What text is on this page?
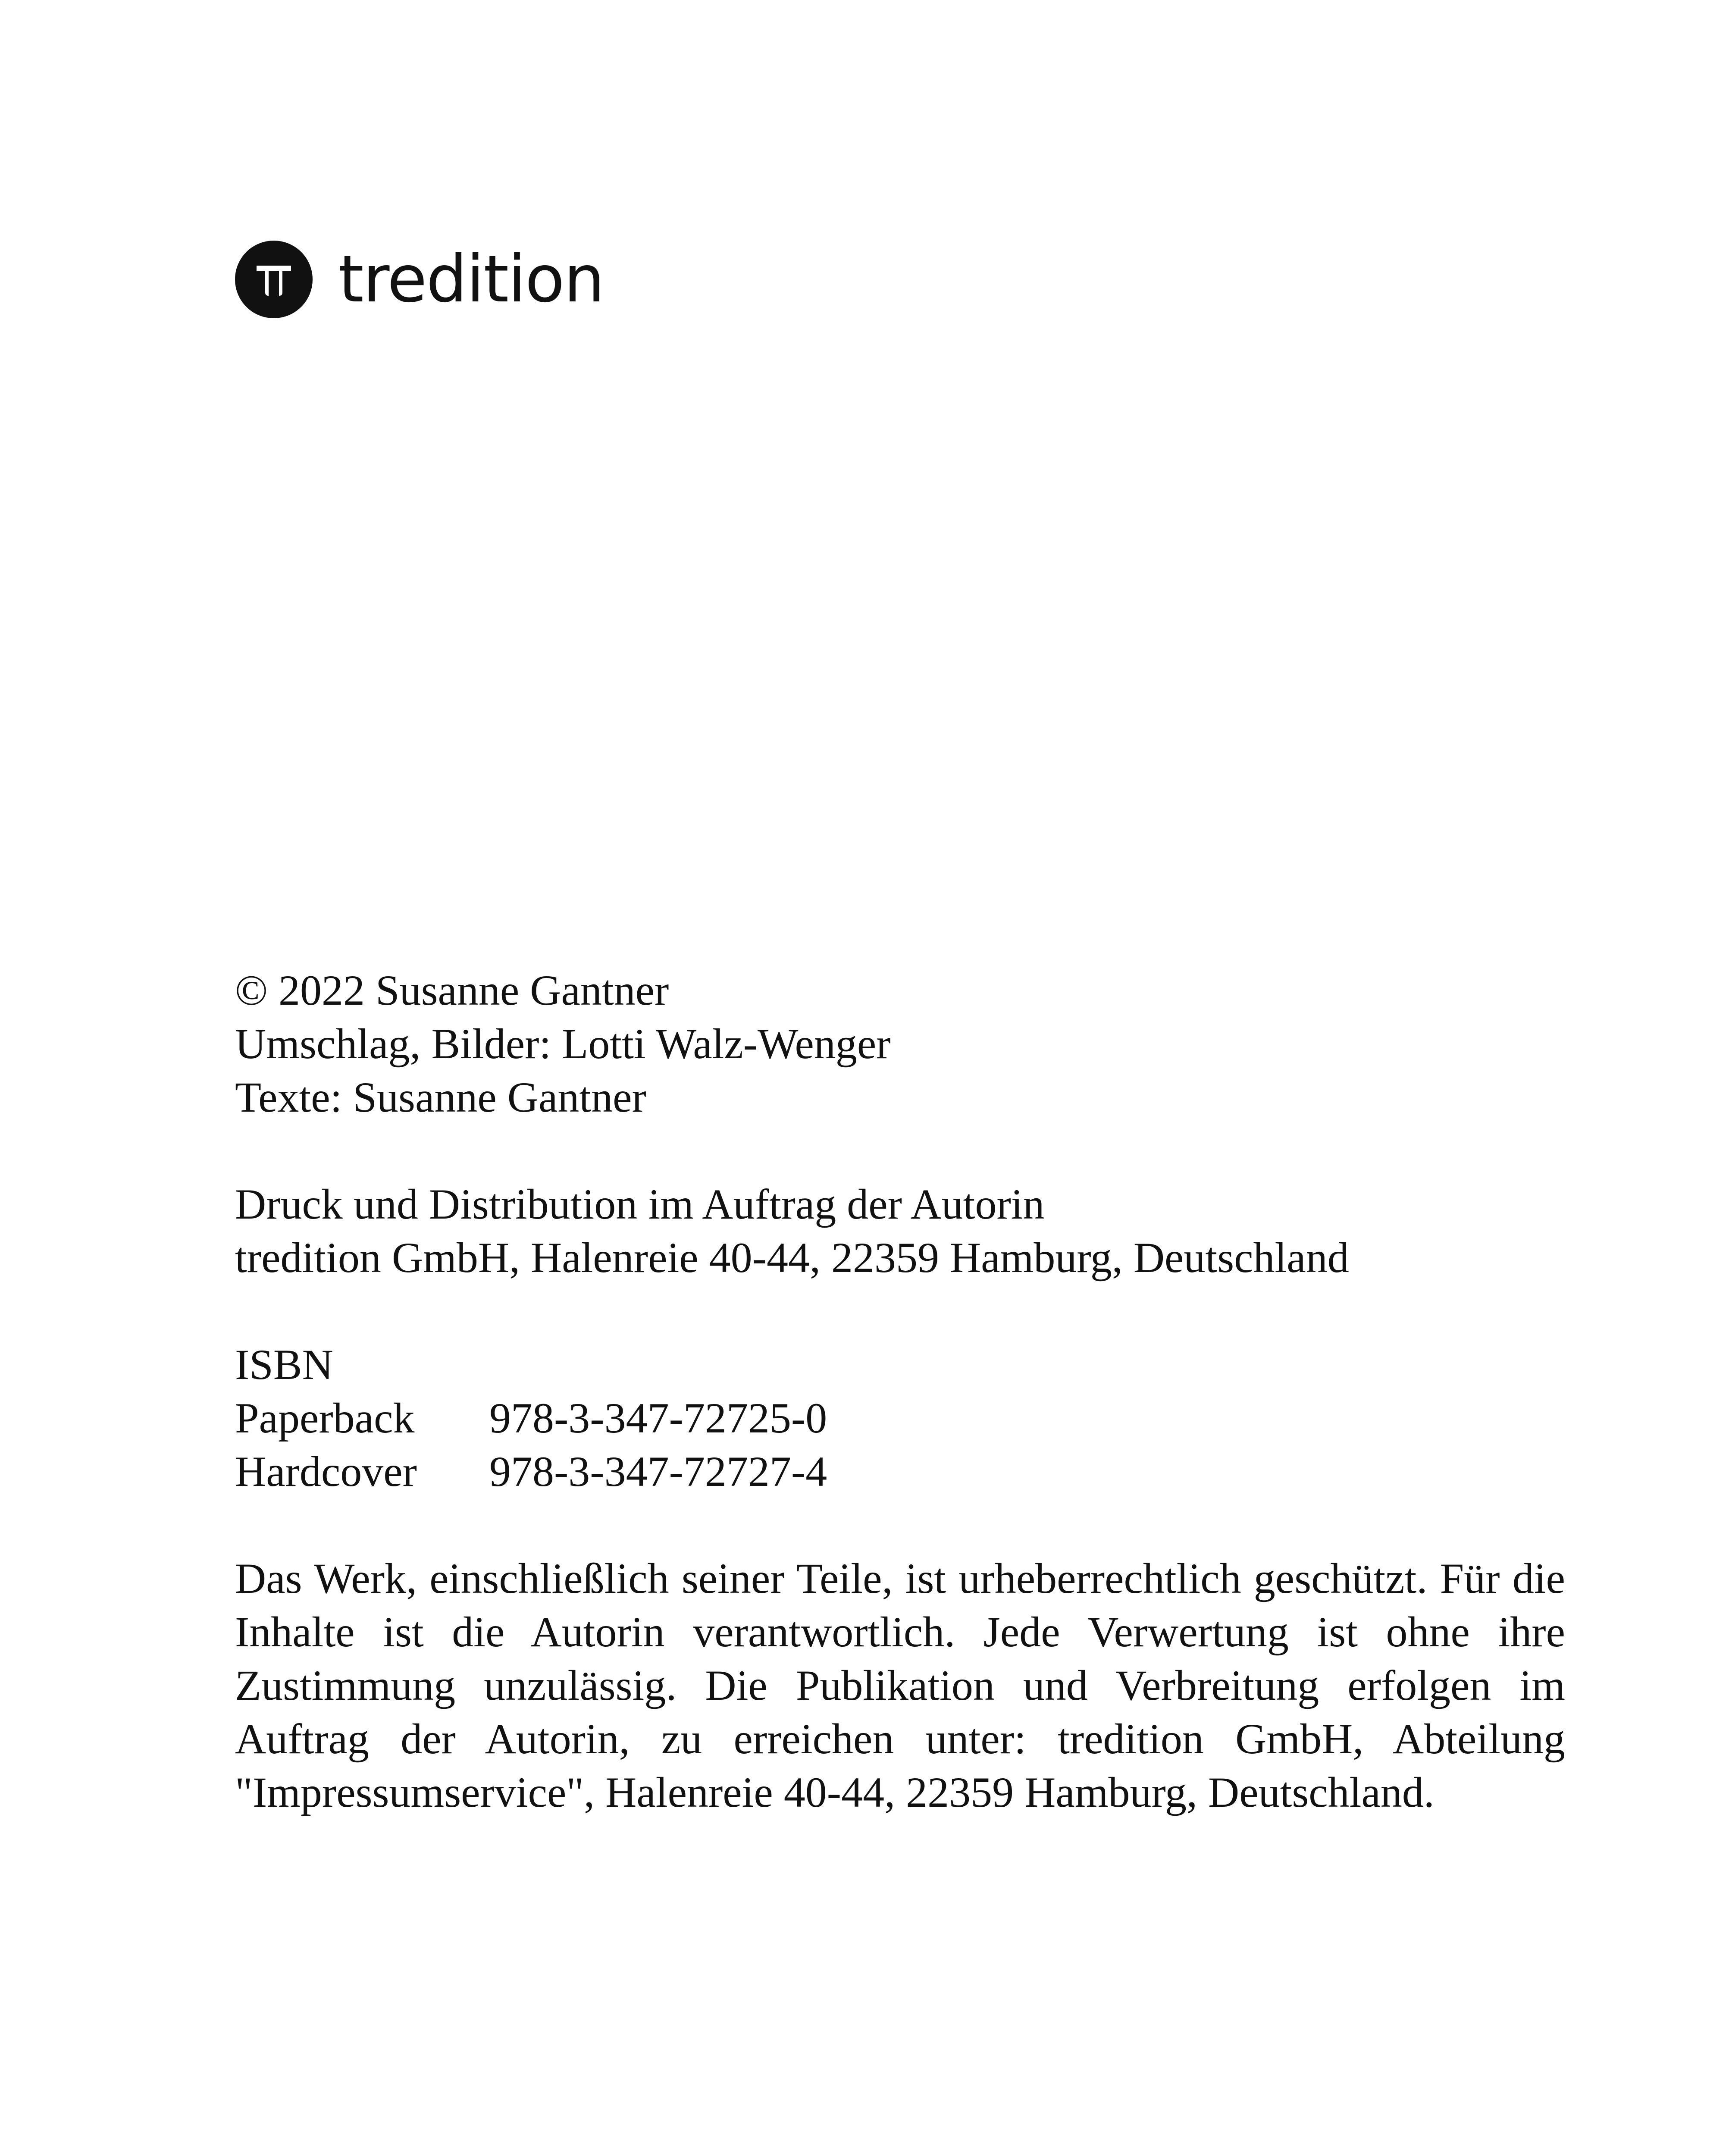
tredition
© 2022 Susanne Gantner
Umschlag, Bilder: Lotti Walz-Wenger
Texte: Susanne Gantner
Druck und Distribution im Auftrag der Autorin
tredition GmbH, Halenreie 40-44, 22359 Hamburg, Deutschland
ISBN
Paperback	978-3-347-72725-0
Hardcover	978-3-347-72727-4
Das Werk, einschließlich seiner Teile, ist urheberrechtlich geschützt. Für die Inhalte ist die Autorin verantwortlich. Jede Verwertung ist ohne ihre Zustimmung unzulässig. Die Publikation und Verbreitung erfolgen im Auftrag der Autorin, zu erreichen unter: tredition GmbH, Abteilung "Impressumservice", Halenreie 40-44, 22359 Hamburg, Deutschland.
